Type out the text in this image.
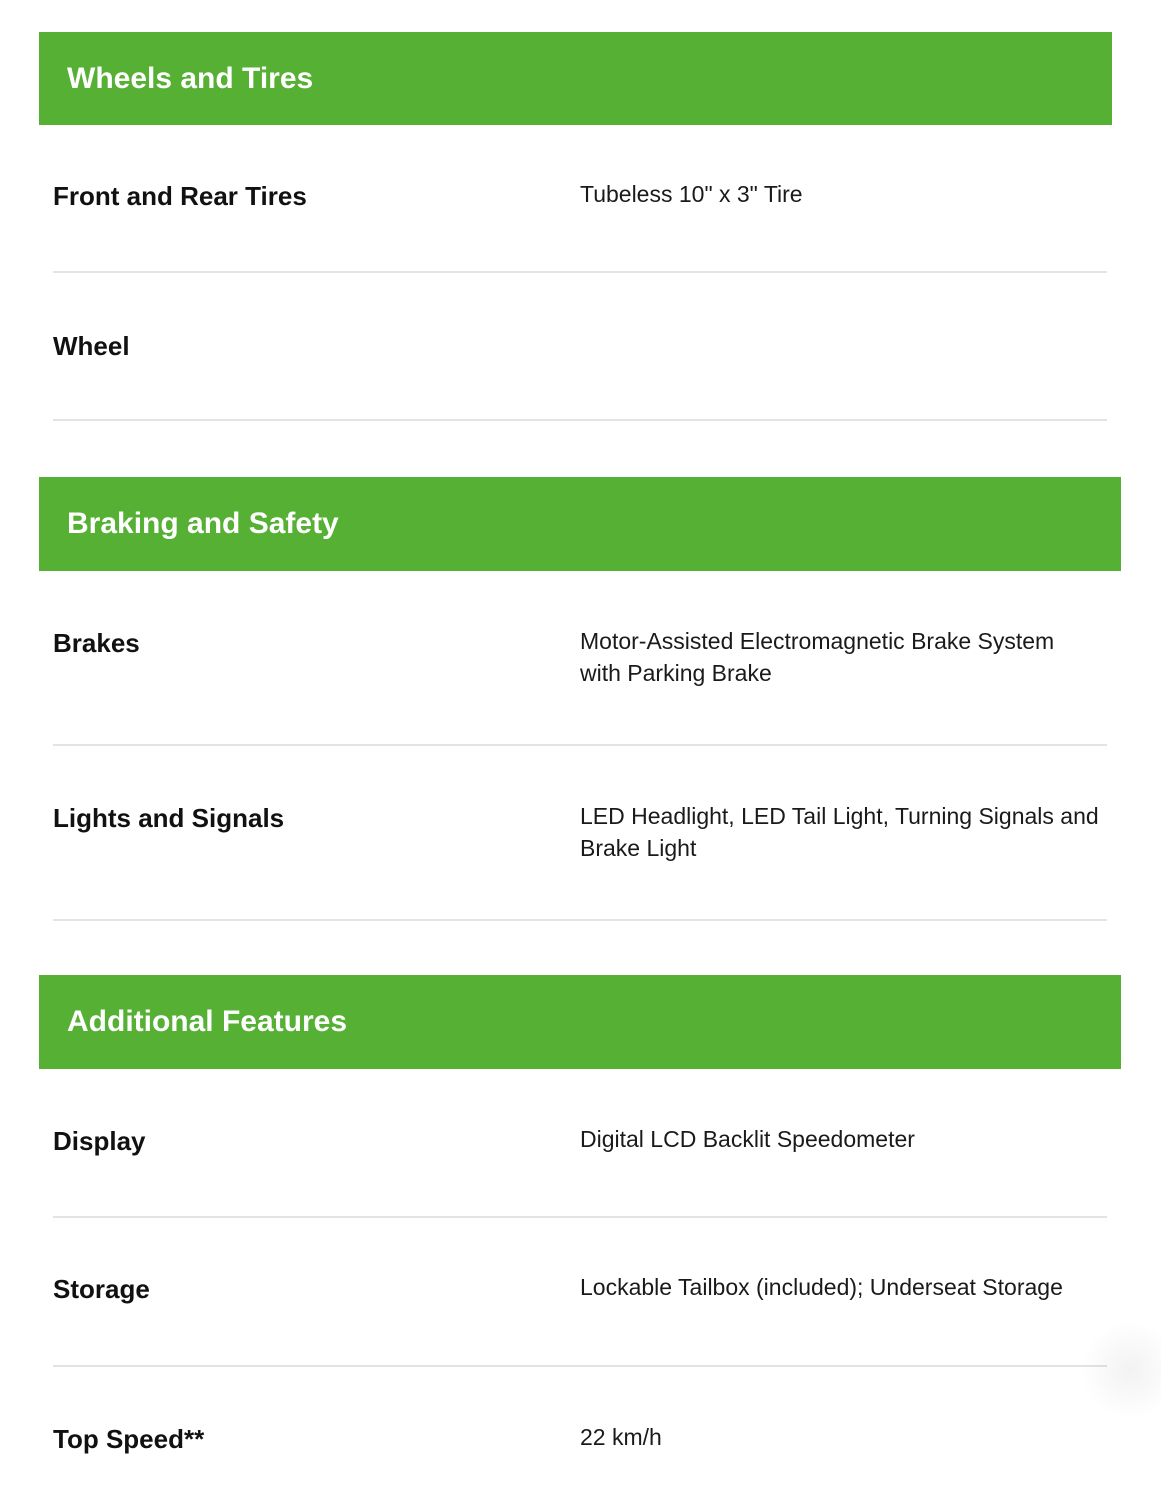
Wheels and Tires
Front and Rear Tires	Tubeless 10" x 3" Tire
Wheel
Braking and Safety
Brakes	Motor-Assisted Electromagnetic Brake System with Parking Brake
Lights and Signals	LED Headlight, LED Tail Light, Turning Signals and Brake Light
Additional Features
Display	Digital LCD Backlit Speedometer
Storage	Lockable Tailbox (included); Underseat Storage
Top Speed**	22 km/h
